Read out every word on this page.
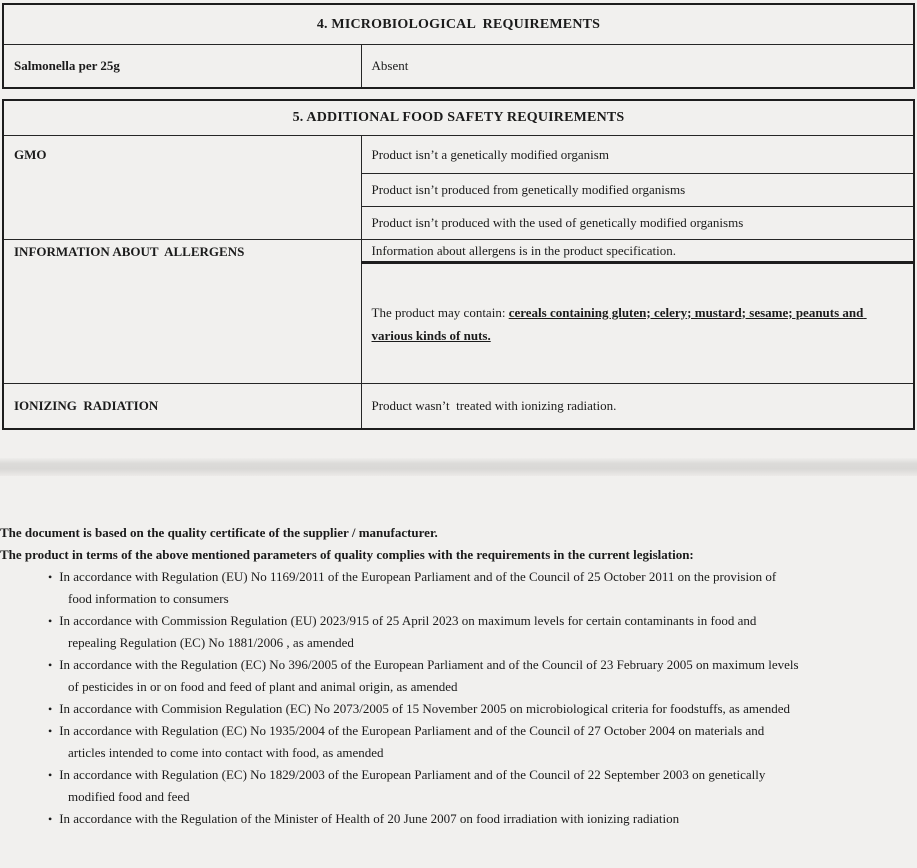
4. MICROBIOLOGICAL  REQUIREMENTS
Salmonella per 25g	Absent
5. ADDITIONAL FOOD SAFETY REQUIREMENTS	
GMO	Product isn’t a genetically modified organism
	Product isn’t produced from genetically modified organisms
	Product isn’t produced with the used of genetically modified organisms
INFORMATION ABOUT  ALLERGENS	Information about allergens is in the product specification.

	The product may contain: cereals containing gluten; celery; mustard; sesame; peanuts and various kinds of nuts.

IONIZING  RADIATION	Product wasn’t  treated with ionizing radiation.
The document is based on the quality certificate of the supplier / manufacturer.
The product in terms of the above mentioned parameters of quality complies with the requirements in the current legislation:
• In accordance with Regulation (EU) No 1169/2011 of the European Parliament and of the Council of 25 October 2011 on the provision of food information to consumers
• In accordance with Commission Regulation (EU) 2023/915 of 25 April 2023 on maximum levels for certain contaminants in food and repealing Regulation (EC) No 1881/2006 , as amended
• In accordance with the Regulation (EC) No 396/2005 of the European Parliament and of the Council of 23 February 2005 on maximum levels of pesticides in or on food and feed of plant and animal origin, as amended
• In accordance with Commision Regulation (EC) No 2073/2005 of 15 November 2005 on microbiological criteria for foodstuffs, as amended
• In accordance with Regulation (EC) No 1935/2004 of the European Parliament and of the Council of 27 October 2004 on materials and articles intended to come into contact with food, as amended
• In accordance with Regulation (EC) No 1829/2003 of the European Parliament and of the Council of 22 September 2003 on genetically modified food and feed
• In accordance with the Regulation of the Minister of Health of 20 June 2007 on food irradiation with ionizing radiation
